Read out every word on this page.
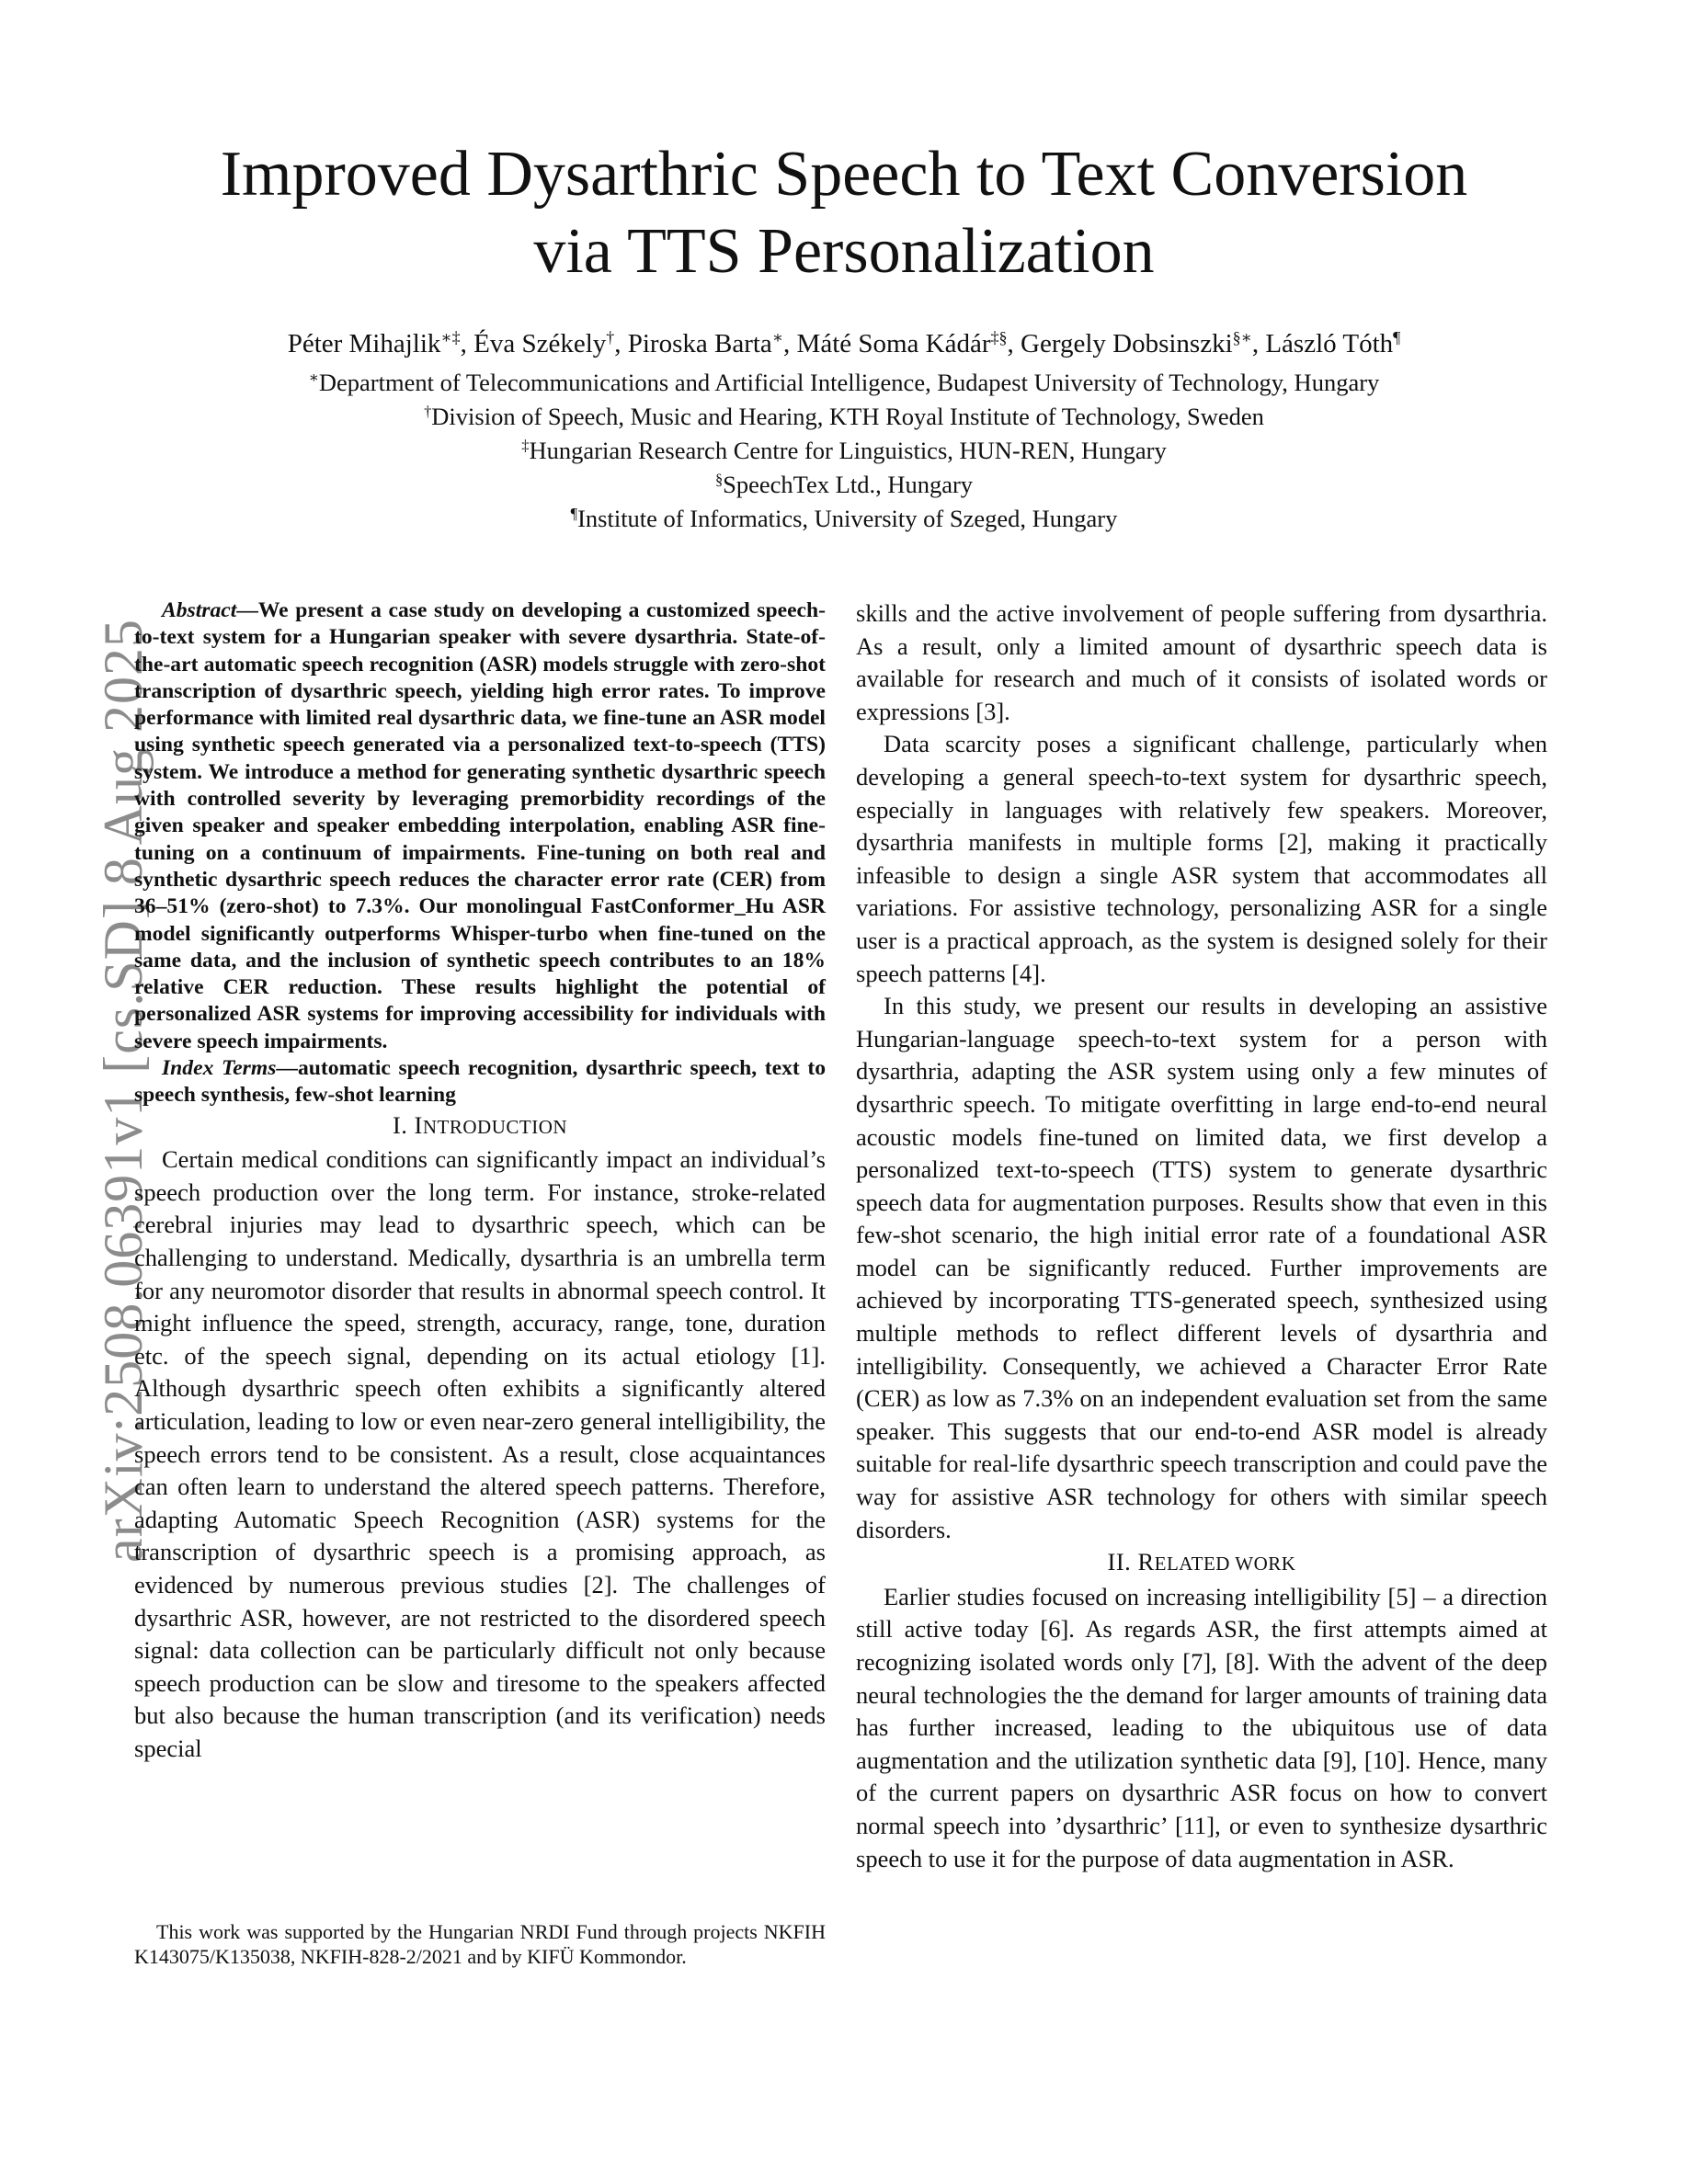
arXiv:2508.06391v1 [cs.SD] 8 Aug 2025
Improved Dysarthric Speech to Text Conversion
via TTS Personalization
Péter Mihajlik∗‡, Éva Székely†, Piroska Barta∗, Máté Soma Kádár‡§, Gergely Dobsinszki§∗, László Tóth¶
∗Department of Telecommunications and Artificial Intelligence, Budapest University of Technology, Hungary
†Division of Speech, Music and Hearing, KTH Royal Institute of Technology, Sweden
‡Hungarian Research Centre for Linguistics, HUN-REN, Hungary
§SpeechTex Ltd., Hungary
¶Institute of Informatics, University of Szeged, Hungary

Abstract—We present a case study on developing a customized speech-to-text system for a Hungarian speaker with severe dysarthria. State-of-the-art automatic speech recognition (ASR) models struggle with zero-shot transcription of dysarthric speech, yielding high error rates. To improve performance with limited real dysarthric data, we fine-tune an ASR model using synthetic speech generated via a personalized text-to-speech (TTS) system. We introduce a method for generating synthetic dysarthric speech with controlled severity by leveraging premorbidity recordings of the given speaker and speaker embedding interpolation, enabling ASR fine-tuning on a continuum of impairments. Fine-tuning on both real and synthetic dysarthric speech reduces the character error rate (CER) from 36–51% (zero-shot) to 7.3%. Our monolingual FastConformer_Hu ASR model significantly outperforms Whisper-turbo when fine-tuned on the same data, and the inclusion of synthetic speech contributes to an 18% relative CER reduction. These results highlight the potential of personalized ASR systems for improving accessibility for individuals with severe speech impairments.

Index Terms—automatic speech recognition, dysarthric speech, text to speech synthesis, few-shot learning

I. INTRODUCTION

Certain medical conditions can significantly impact an individual’s speech production over the long term. For instance, stroke-related cerebral injuries may lead to dysarthric speech, which can be challenging to understand. Medically, dysarthria is an umbrella term for any neuromotor disorder that results in abnormal speech control. It might influence the speed, strength, accuracy, range, tone, duration etc. of the speech signal, depending on its actual etiology [1]. Although dysarthric speech often exhibits a significantly altered articulation, leading to low or even near-zero general intelligibility, the speech errors tend to be consistent. As a result, close acquaintances can often learn to understand the altered speech patterns. Therefore, adapting Automatic Speech Recognition (ASR) systems for the transcription of dysarthric speech is a promising approach, as evidenced by numerous previous studies [2]. The challenges of dysarthric ASR, however, are not restricted to the disordered speech signal: data collection can be particularly difficult not only because speech production can be slow and tiresome to the speakers affected but also because the human transcription (and its verification) needs special

skills and the active involvement of people suffering from dysarthria. As a result, only a limited amount of dysarthric speech data is available for research and much of it consists of isolated words or expressions [3].

Data scarcity poses a significant challenge, particularly when developing a general speech-to-text system for dysarthric speech, especially in languages with relatively few speakers. Moreover, dysarthria manifests in multiple forms [2], making it practically infeasible to design a single ASR system that accommodates all variations. For assistive technology, personalizing ASR for a single user is a practical approach, as the system is designed solely for their speech patterns [4].

In this study, we present our results in developing an assistive Hungarian-language speech-to-text system for a person with dysarthria, adapting the ASR system using only a few minutes of dysarthric speech. To mitigate overfitting in large end-to-end neural acoustic models fine-tuned on limited data, we first develop a personalized text-to-speech (TTS) system to generate dysarthric speech data for augmentation purposes. Results show that even in this few-shot scenario, the high initial error rate of a foundational ASR model can be significantly reduced. Further improvements are achieved by incorporating TTS-generated speech, synthesized using multiple methods to reflect different levels of dysarthria and intelligibility. Consequently, we achieved a Character Error Rate (CER) as low as 7.3% on an independent evaluation set from the same speaker. This suggests that our end-to-end ASR model is already suitable for real-life dysarthric speech transcription and could pave the way for assistive ASR technology for others with similar speech disorders.

II. RELATED WORK

Earlier studies focused on increasing intelligibility [5] – a direction still active today [6]. As regards ASR, the first attempts aimed at recognizing isolated words only [7], [8]. With the advent of the deep neural technologies the the demand for larger amounts of training data has further increased, leading to the ubiquitous use of data augmentation and the utilization synthetic data [9], [10]. Hence, many of the current papers on dysarthric ASR focus on how to convert normal speech into ’dysarthric’ [11], or even to synthesize dysarthric speech to use it for the purpose of data augmentation in ASR.

This work was supported by the Hungarian NRDI Fund through projects NKFIH K143075/K135038, NKFIH-828-2/2021 and by KIFÜ Kommondor.
